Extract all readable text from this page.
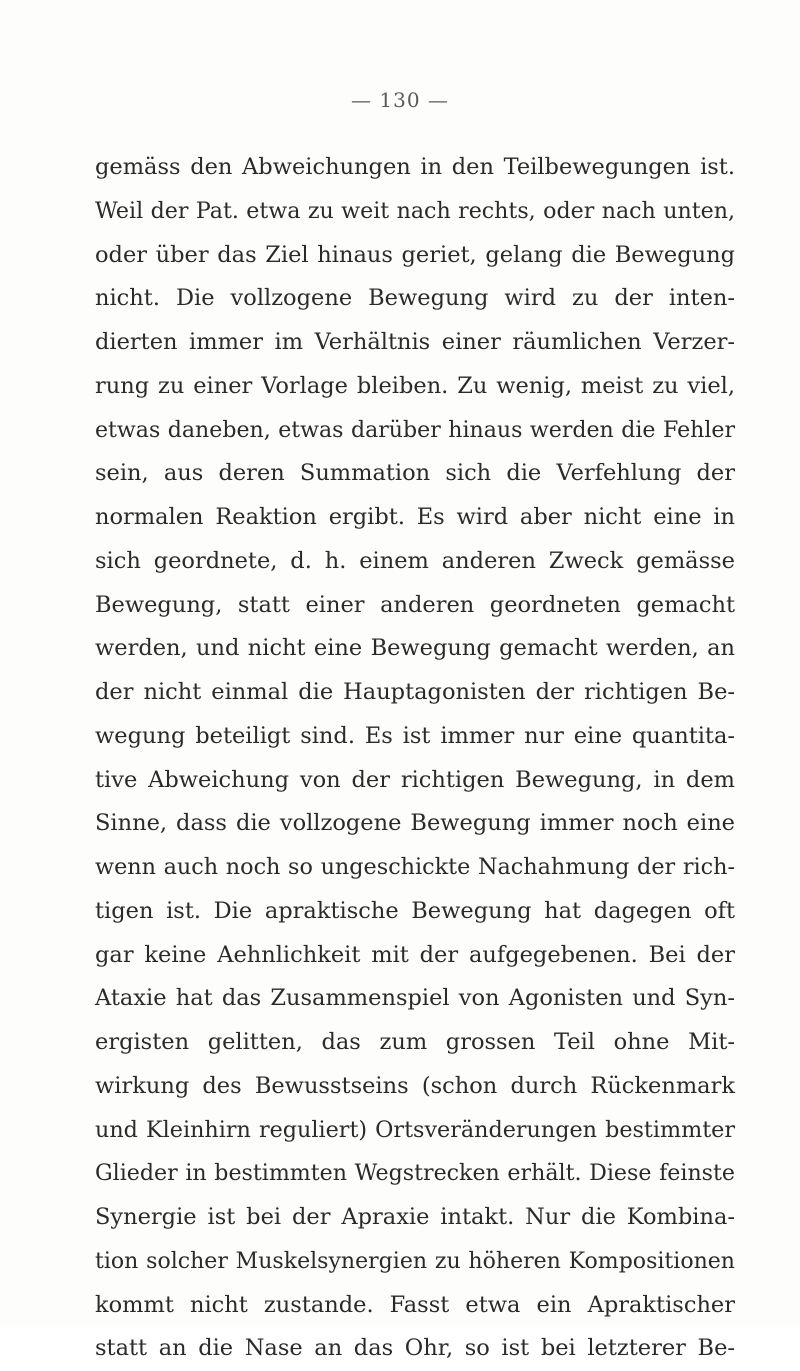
— 130 —
gemäss den Abweichungen in den Teilbewegungen ist.
Weil der Pat. etwa zu weit nach rechts, oder nach unten,
oder über das Ziel hinaus geriet, gelang die Bewegung
nicht. Die vollzogene Bewegung wird zu der inten-
dierten immer im Verhältnis einer räumlichen Verzer-
rung zu einer Vorlage bleiben. Zu wenig, meist zu viel,
etwas daneben, etwas darüber hinaus werden die Fehler
sein, aus deren Summation sich die Verfehlung der
normalen Reaktion ergibt. Es wird aber nicht eine in
sich geordnete, d. h. einem anderen Zweck gemässe
Bewegung, statt einer anderen geordneten gemacht
werden, und nicht eine Bewegung gemacht werden, an
der nicht einmal die Hauptagonisten der richtigen Be-
wegung beteiligt sind. Es ist immer nur eine quantita-
tive Abweichung von der richtigen Bewegung, in dem
Sinne, dass die vollzogene Bewegung immer noch eine
wenn auch noch so ungeschickte Nachahmung der rich-
tigen ist. Die apraktische Bewegung hat dagegen oft
gar keine Aehnlichkeit mit der aufgegebenen. Bei der
Ataxie hat das Zusammenspiel von Agonisten und Syn-
ergisten gelitten, das zum grossen Teil ohne Mit-
wirkung des Bewusstseins (schon durch Rückenmark
und Kleinhirn reguliert) Ortsveränderungen bestimmter
Glieder in bestimmten Wegstrecken erhält. Diese feinste
Synergie ist bei der Apraxie intakt. Nur die Kombina-
tion solcher Muskelsynergien zu höheren Kompositionen
kommt nicht zustande. Fasst etwa ein Apraktischer
statt an die Nase an das Ohr, so ist bei letzterer Be-
